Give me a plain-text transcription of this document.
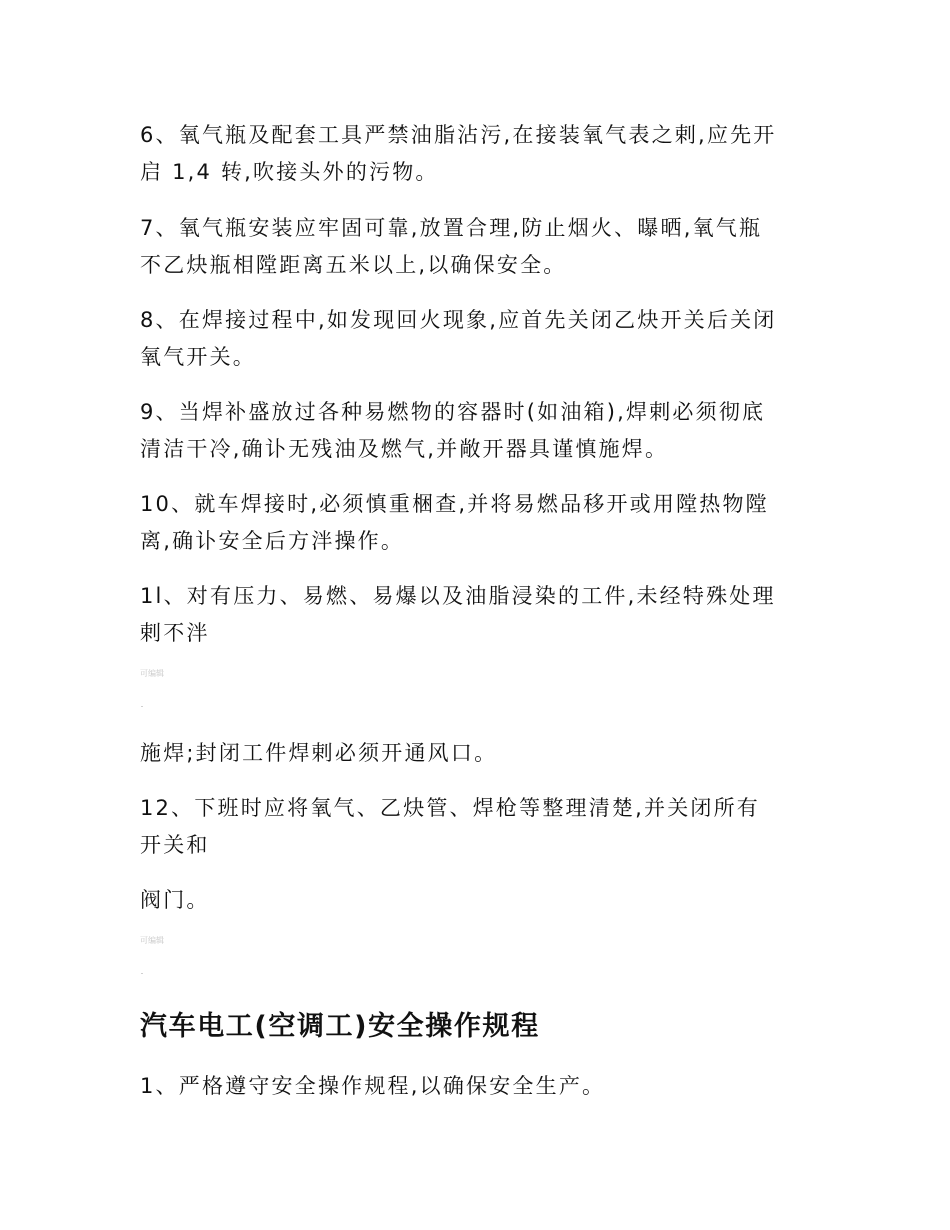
6、氧气瓶及配套工具严禁油脂沾污,在接装氧气表之剌,应先开
启 1,4 转,吹接头外的污物。
7、氧气瓶安装应牢固可靠,放置合理,防止烟火、曝晒,氧气瓶
不乙炔瓶相隚距离五米以上,以确保安全。
8、在焊接过程中,如发现回火现象,应首先关闭乙炔开关后关闭
氧气开关。
9、当焊补盛放过各种易燃物的容器时(如油箱),焊剌必须彻底
清洁干冷,确讣无残油及燃气,并敞开器具谨慎施焊。
10、就车焊接时,必须慎重梱查,并将易燃品移开或用隚热物隚
离,确讣安全后方泮操作。
1l、对有压力、易燃、易爆以及油脂浸染的工件,未经特殊处理
剌不泮
可编辑
施焊;封闭工件焊剌必须开通风口。
12、下班时应将氧气、乙炔管、焊枪等整理清楚,并关闭所有
开关和
阀门。
可编辑
汽车电工(空调工)安全操作规程
1、严格遵守安全操作规程,以确保安全生产。
